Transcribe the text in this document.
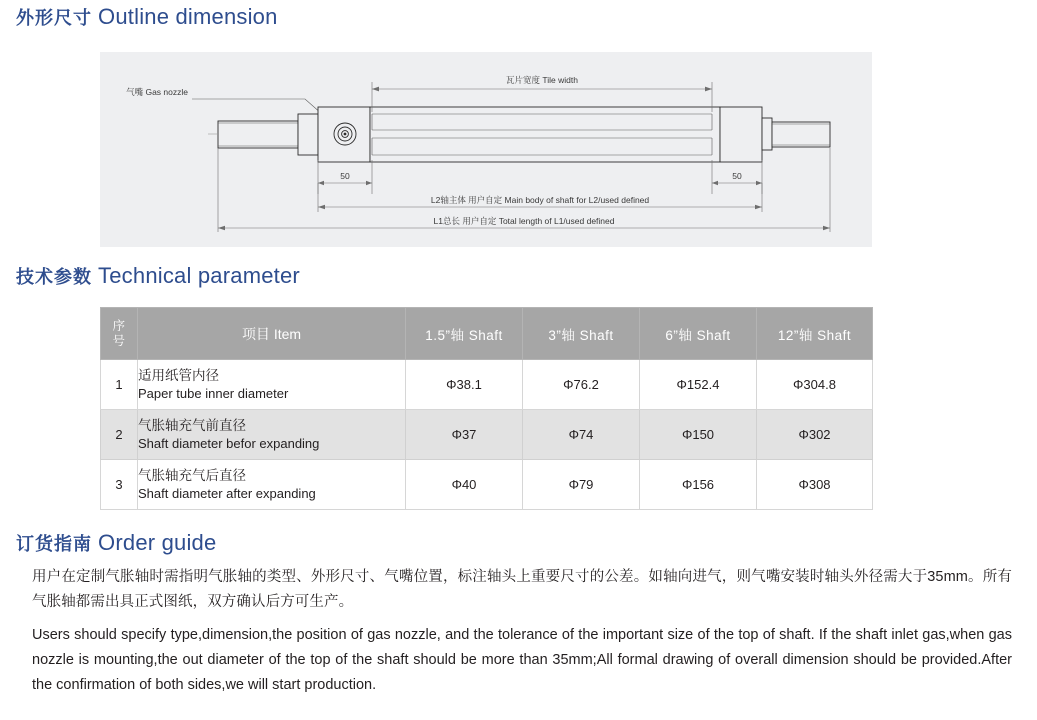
外形尺寸 Outline dimension
气嘴 Gas nozzle
瓦片宽度 Tile width
50	50
L2轴主体 用户自定 Main body of shaft for L2/used defined
L1总长 用户自定 Total length of L1/used defined
技术参数 Technical parameter
序
号	项目 Item	1.5”轴 Shaft	3”轴 Shaft	6”轴 Shaft	12”轴 Shaft
1	适用纸管内径
Paper tube inner diameter	Φ38.1	Φ76.2	Φ152.4	Φ304.8
2	气胀轴充气前直径
Shaft diameter befor expanding	Φ37	Φ74	Φ150	Φ302
3	气胀轴充气后直径
Shaft diameter after expanding	Φ40	Φ79	Φ156	Φ308
订货指南 Order guide

用户在定制气胀轴时需指明气胀轴的类型、外形尺寸、气嘴位置，标注轴头上重要尺寸的公差。如轴向进气，则气嘴安装时轴头外径需大于35mm。所有气胀轴都需出具正式图纸，双方确认后方可生产。

Users should specify type,dimension,the position of gas nozzle, and the tolerance of the important size of the top of shaft. If the shaft inlet gas,when gas nozzle is mounting,the out diameter of the top of the shaft should be more than 35mm;All formal drawing of overall dimension should be provided.After the confirmation of both sides,we will start production.
